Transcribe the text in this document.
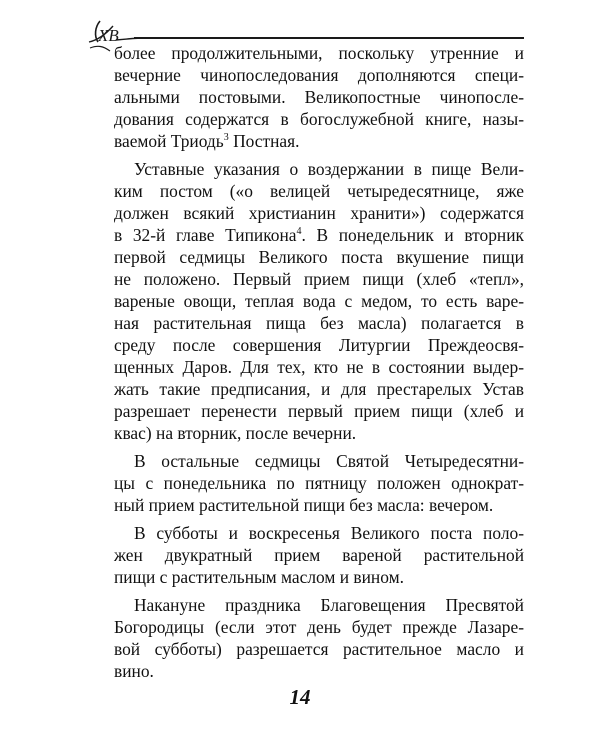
ХВ
более продолжительными, поскольку утренние и
вечерние чинопоследования дополняются специ-
альными постовыми. Великопостные чинопосле-
дования содержатся в богослужебной книге, назы-
ваемой Триодь$^3$ Постная.
Уставные указания о воздержании в пище Вели-
ким постом («о велицей четыредесятнице, яже
должен всякий христианин хранити») содержатся
в 32-й главе Типикона$^4$. В понедельник и вторник
первой седмицы Великого поста вкушение пищи
не положено. Первый прием пищи (хлеб «тепл»,
вареные овощи, теплая вода с медом, то есть варе-
ная растительная пища без масла) полагается в
среду после совершения Литургии Преждеосвя-
щенных Даров. Для тех, кто не в состоянии выдер-
жать такие предписания, и для престарелых Устав
разрешает перенести первый прием пищи (хлеб и
квас) на вторник, после вечерни.
В остальные седмицы Святой Четыредесятни-
цы с понедельника по пятницу положен однократ-
ный прием растительной пищи без масла: вечером.
В субботы и воскресенья Великого поста поло-
жен двукратный прием вареной растительной
пищи с растительным маслом и вином.
Накануне праздника Благовещения Пресвятой
Богородицы (если этот день будет прежде Лазаре-
вой субботы) разрешается растительное масло и
вино.
14
